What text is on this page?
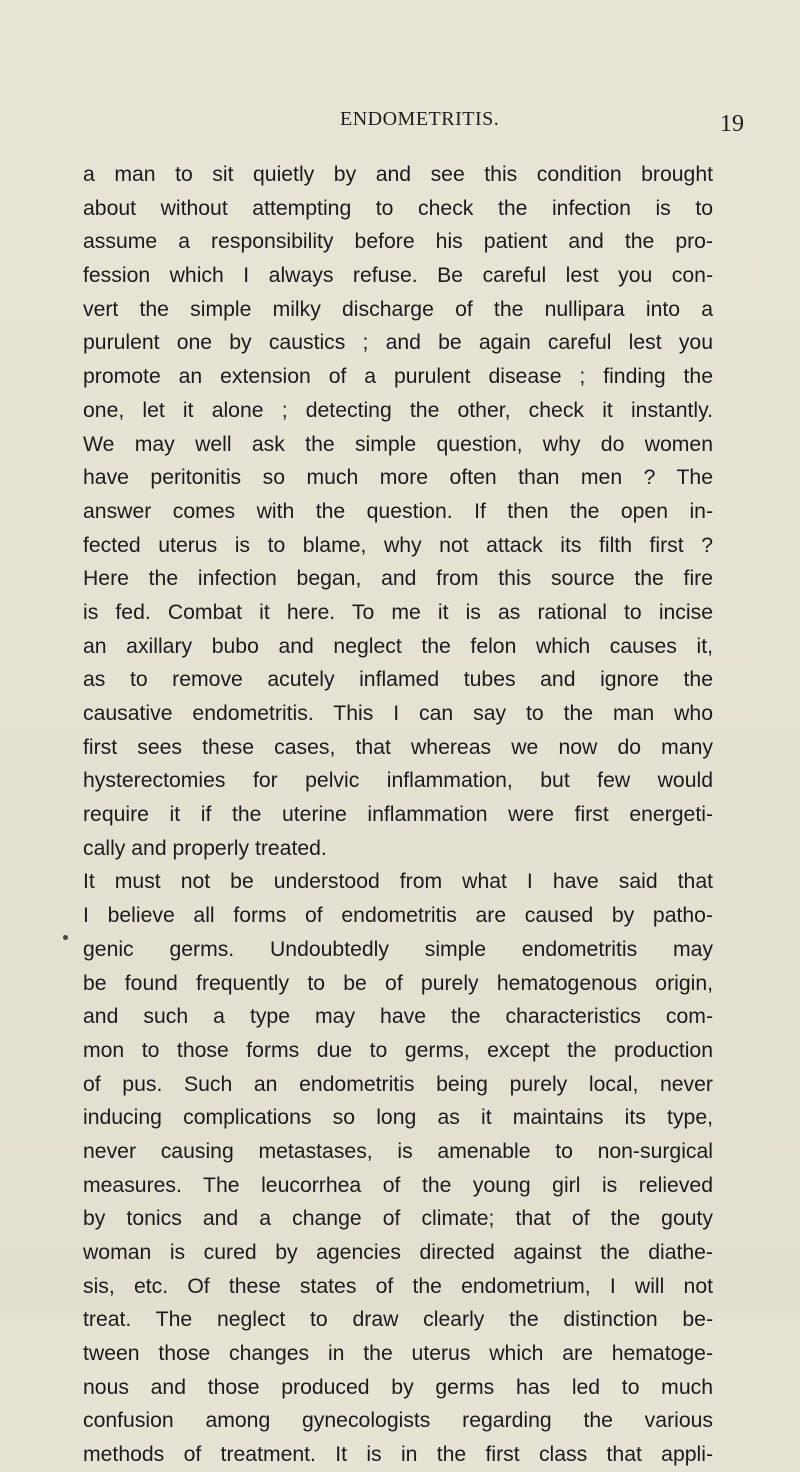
ENDOMETRITIS.	19
a man to sit quietly by and see this condition brought
about without attempting to check the infection is to
assume a responsibility before his patient and the pro-
fession which I always refuse. Be careful lest you con-
vert the simple milky discharge of the nullipara into a
purulent one by caustics ; and be again careful lest you
promote an extension of a purulent disease ; finding the
one, let it alone ; detecting the other, check it instantly.
We may well ask the simple question, why do women
have peritonitis so much more often than men ? The
answer comes with the question. If then the open in-
fected uterus is to blame, why not attack its filth first ?
Here the infection began, and from this source the fire
is fed. Combat it here. To me it is as rational to incise
an axillary bubo and neglect the felon which causes it,
as to remove acutely inflamed tubes and ignore the
causative endometritis. This I can say to the man who
first sees these cases, that whereas we now do many
hysterectomies for pelvic inflammation, but few would
require it if the uterine inflammation were first energeti-
cally and properly treated.
It must not be understood from what I have said that
I believe all forms of endometritis are caused by patho-
genic germs. Undoubtedly simple endometritis may
be found frequently to be of purely hematogenous origin,
and such a type may have the characteristics com-
mon to those forms due to germs, except the production
of pus. Such an endometritis being purely local, never
inducing complications so long as it maintains its type,
never causing metastases, is amenable to non-surgical
measures. The leucorrhea of the young girl is relieved
by tonics and a change of climate; that of the gouty
woman is cured by agencies directed against the diathe-
sis, etc. Of these states of the endometrium, I will not
treat. The neglect to draw clearly the distinction be-
tween those changes in the uterus which are hematoge-
nous and those produced by germs has led to much
confusion among gynecologists regarding the various
methods of treatment. It is in the first class that appli-
